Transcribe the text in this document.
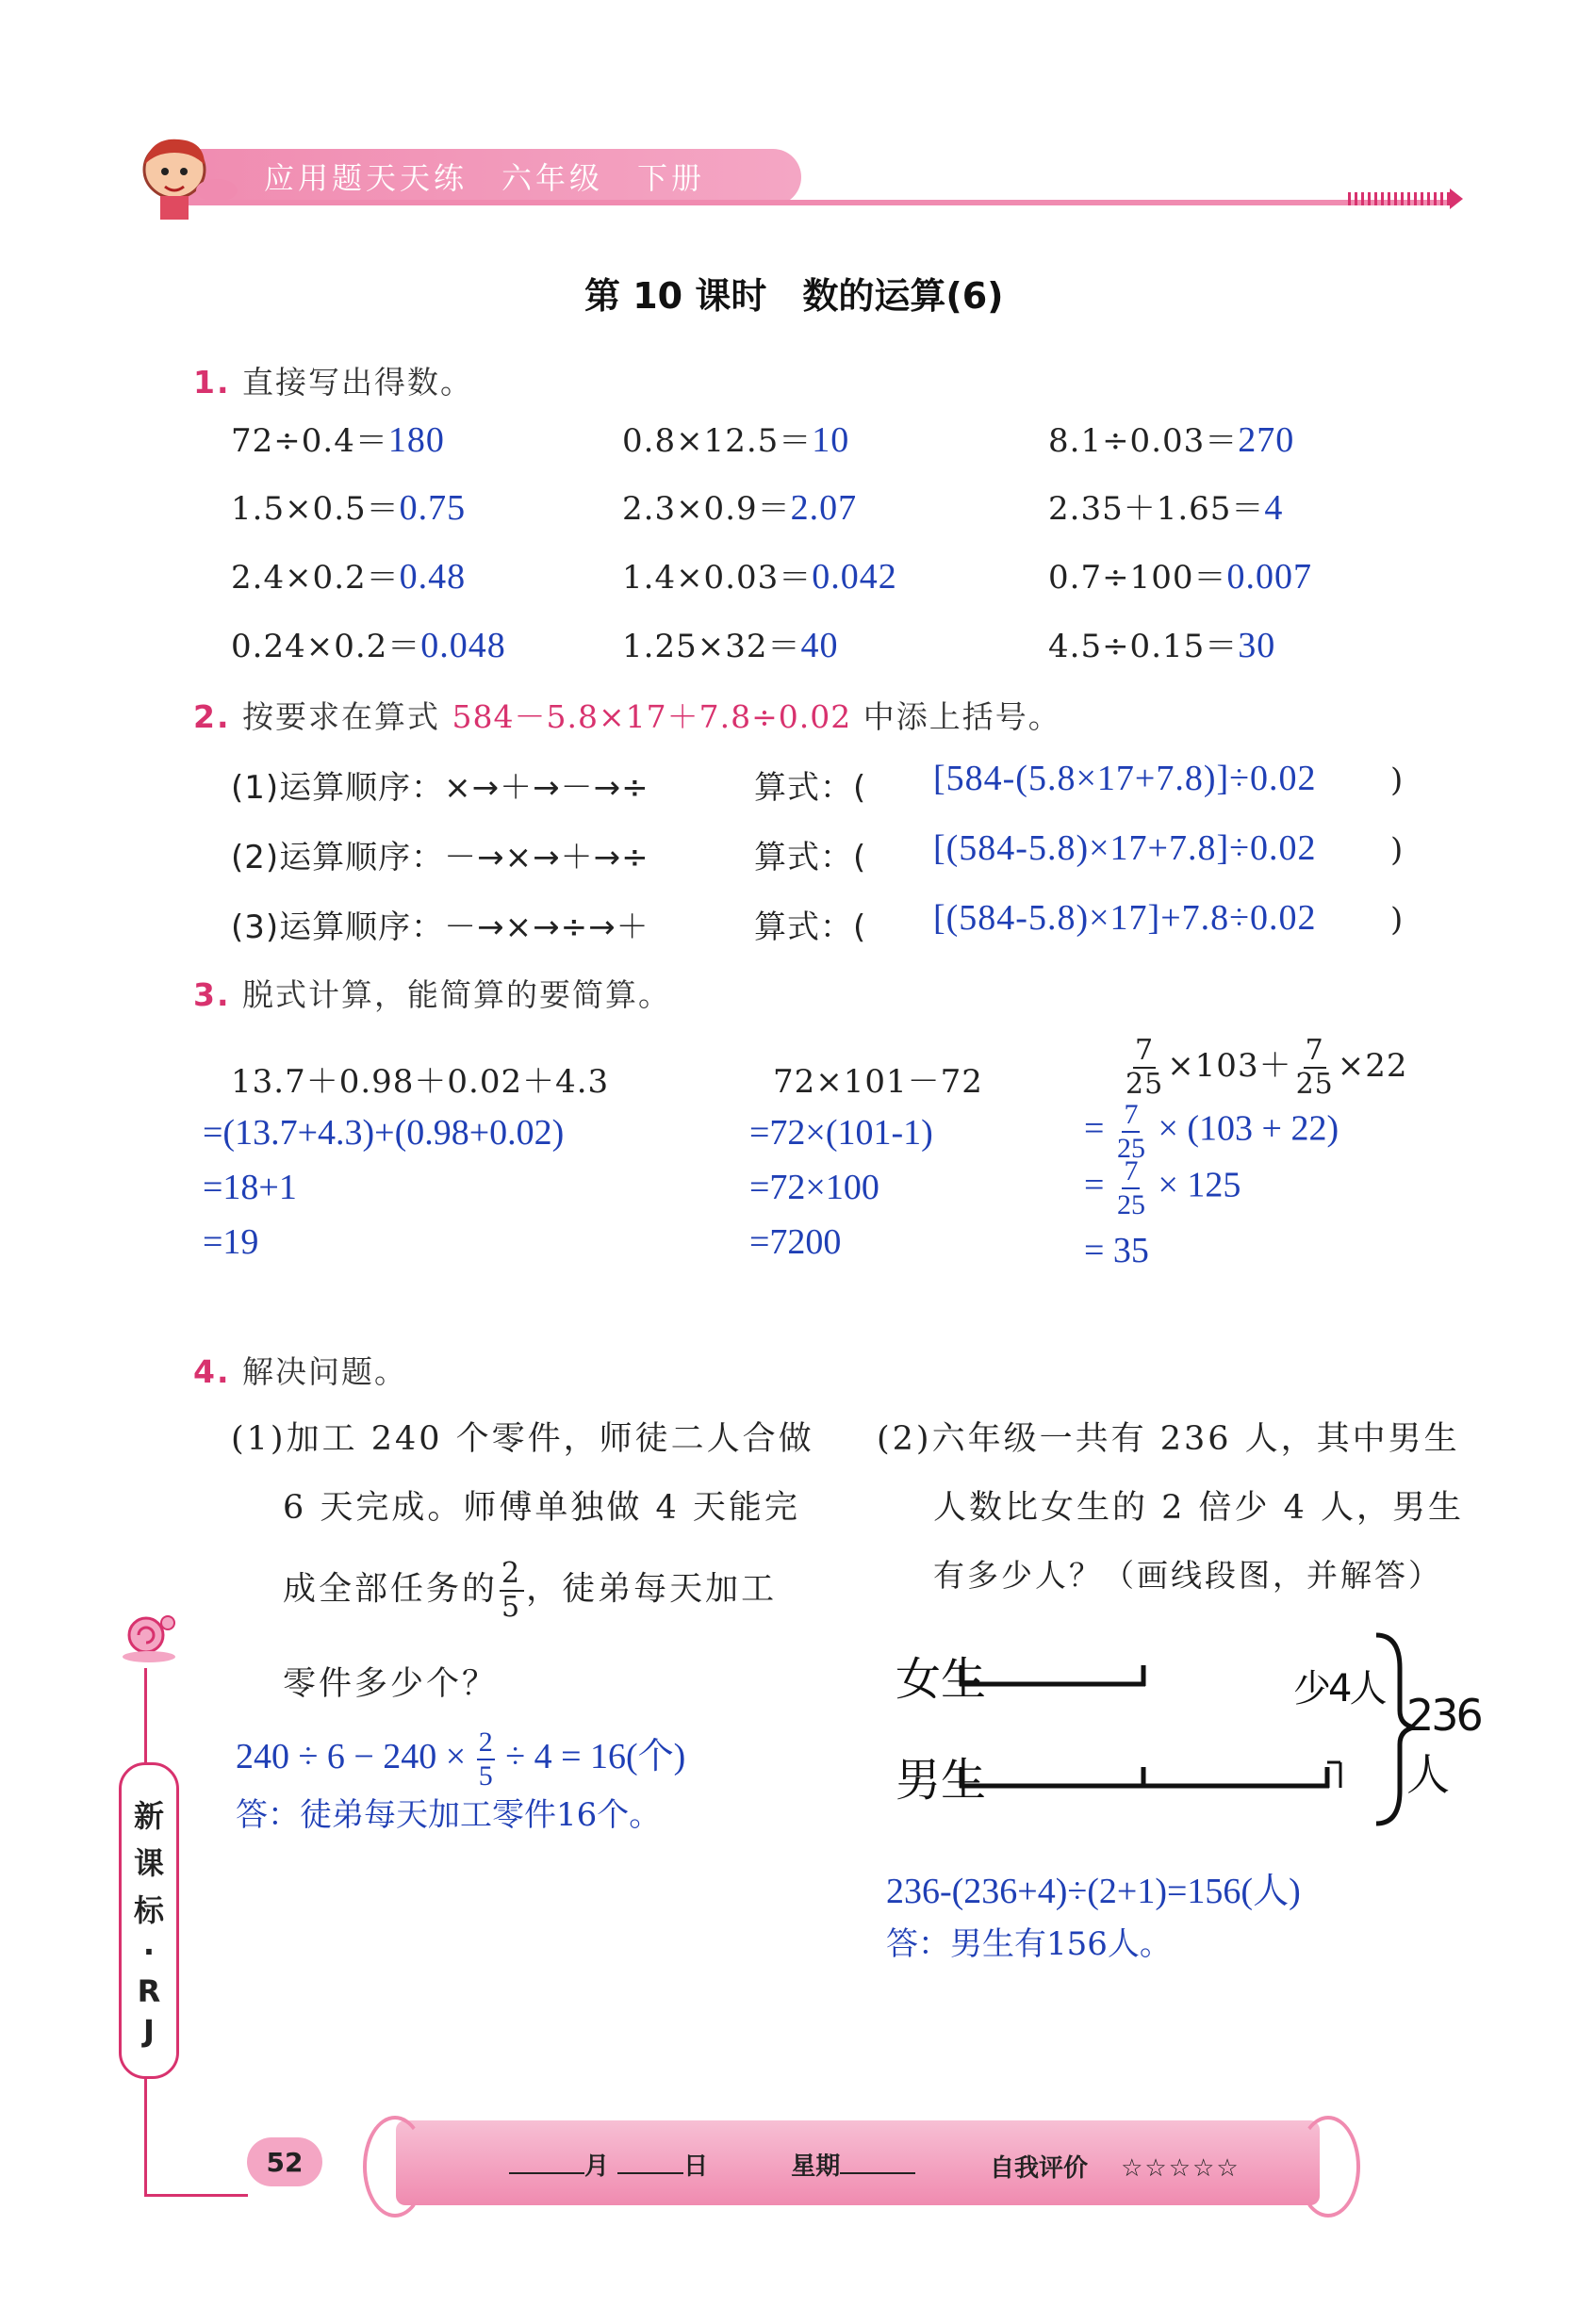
应用题天天练　六年级　下册
第 10 课时　数的运算(6)
1. 直接写出得数。
72÷0.4＝180	0.8×12.5＝10	8.1÷0.03＝270
1.5×0.5＝0.75	2.3×0.9＝2.07	2.35＋1.65＝4
2.4×0.2＝0.48	1.4×0.03＝0.042	0.7÷100＝0.007
0.24×0.2＝0.048	1.25×32＝40	4.5÷0.15＝30
2. 按要求在算式 584－5.8×17＋7.8÷0.02 中添上括号。
(1)运算顺序：×→＋→－→÷	算式：( [584-(5.8×17+7.8)]÷0.02 )
(2)运算顺序：－→×→＋→÷	算式：( [(584-5.8)×17+7.8]÷0.02 )
(3)运算顺序：－→×→÷→＋	算式：( [(584-5.8)×17]+7.8÷0.02 )
3. 脱式计算，能简算的要简算。
13.7＋0.98＋0.02＋4.3
=(13.7+4.3)+(0.98+0.02)
=18+1
=19
72×101－72
=72×(101-1)
=72×100
=7200
$\frac{7}{25} \times 103+ \frac{7}{25} \times 22$
= $\frac{7}{25} \times (103 + 22)$
= $\frac{7}{25} \times 125$
= 35
4. 解决问题。
(1)加工 240 个零件，师徒二人合做
6 天完成。师傅单独做 4 天能完
成全部任务的 $\frac{2}{5}$ ，徒弟每天加工
零件多少个？
$240 \div 6 - 240 \times \frac{2}{5} \div 4 = 16$(个)
答：徒弟每天加工零件16个。
(2)六年级一共有 236 人，其中男生
人数比女生的 2 倍少 4 人，男生
有多少人？（画线段图，并解答）
女生
男生
少4人
236人
236-(236+4)÷(2+1)=156(人)
答：男生有156人。
新
课
标
·
R
J
52	月	日	星期	自我评价 ☆☆☆☆☆
